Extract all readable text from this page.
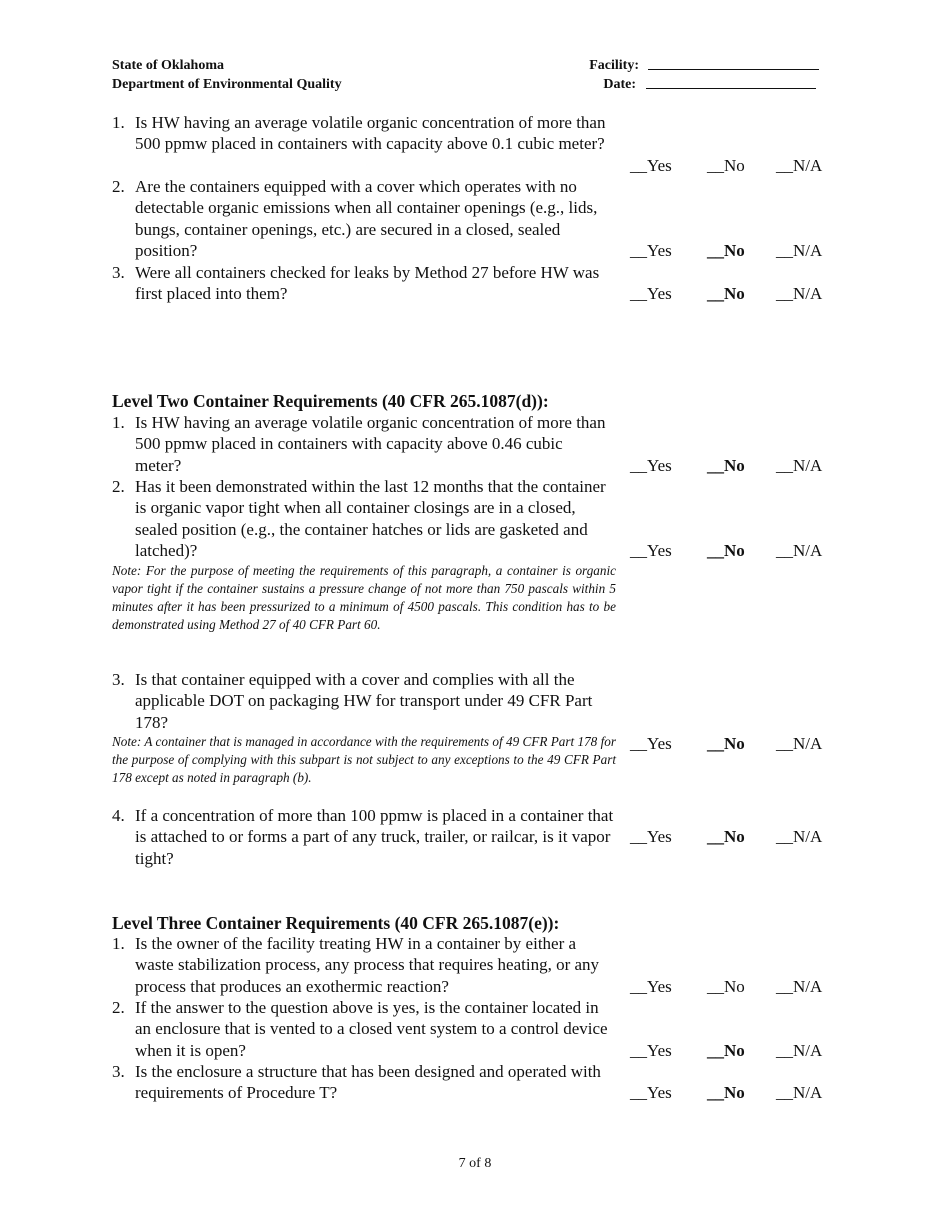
State of Oklahoma
Department of Environmental Quality
Facility:
Date:
1. Is HW having an average volatile organic concentration of more than 500 ppmw placed in containers with capacity above 0.1 cubic meter?
__Yes __No __N/A
2. Are the containers equipped with a cover which operates with no detectable organic emissions when all container openings (e.g., lids, bungs, container openings, etc.) are secured in a closed, sealed position?	__Yes __No __N/A
3. Were all containers checked for leaks by Method 27 before HW was first placed into them?	__Yes __No __N/A
Level Two Container Requirements (40 CFR 265.1087(d)):
1. Is HW having an average volatile organic concentration of more than 500 ppmw placed in containers with capacity above 0.46 cubic meter?	__Yes __No __N/A
2. Has it been demonstrated within the last 12 months that the container is organic vapor tight when all container closings are in a closed, sealed position (e.g., the container hatches or lids are gasketed and latched)?	__Yes __No __N/A
Note: For the purpose of meeting the requirements of this paragraph, a container is organic vapor tight if the container sustains a pressure change of not more than 750 pascals within 5 minutes after it has been pressurized to a minimum of 4500 pascals. This condition has to be demonstrated using Method 27 of 40 CFR Part 60.
3. Is that container equipped with a cover and complies with all the applicable DOT on packaging HW for transport under 49 CFR Part 178?
Note: A container that is managed in accordance with the requirements of 49 CFR Part 178 for the purpose of complying with this subpart is not subject to any exceptions to the 49 CFR Part 178 except as noted in paragraph (b).
__Yes __No __N/A
4. If a concentration of more than 100 ppmw is placed in a container that is attached to or forms a part of any truck, trailer, or railcar, is it vapor tight?
__Yes __No __N/A
Level Three Container Requirements (40 CFR 265.1087(e)):
1. Is the owner of the facility treating HW in a container by either a waste stabilization process, any process that requires heating, or any process that produces an exothermic reaction?	__Yes __No __N/A
2. If the answer to the question above is yes, is the container located in an enclosure that is vented to a closed vent system to a control device when it is open?	__Yes __No __N/A
3. Is the enclosure a structure that has been designed and operated with requirements of Procedure T?	__Yes __No __N/A
7 of 8
